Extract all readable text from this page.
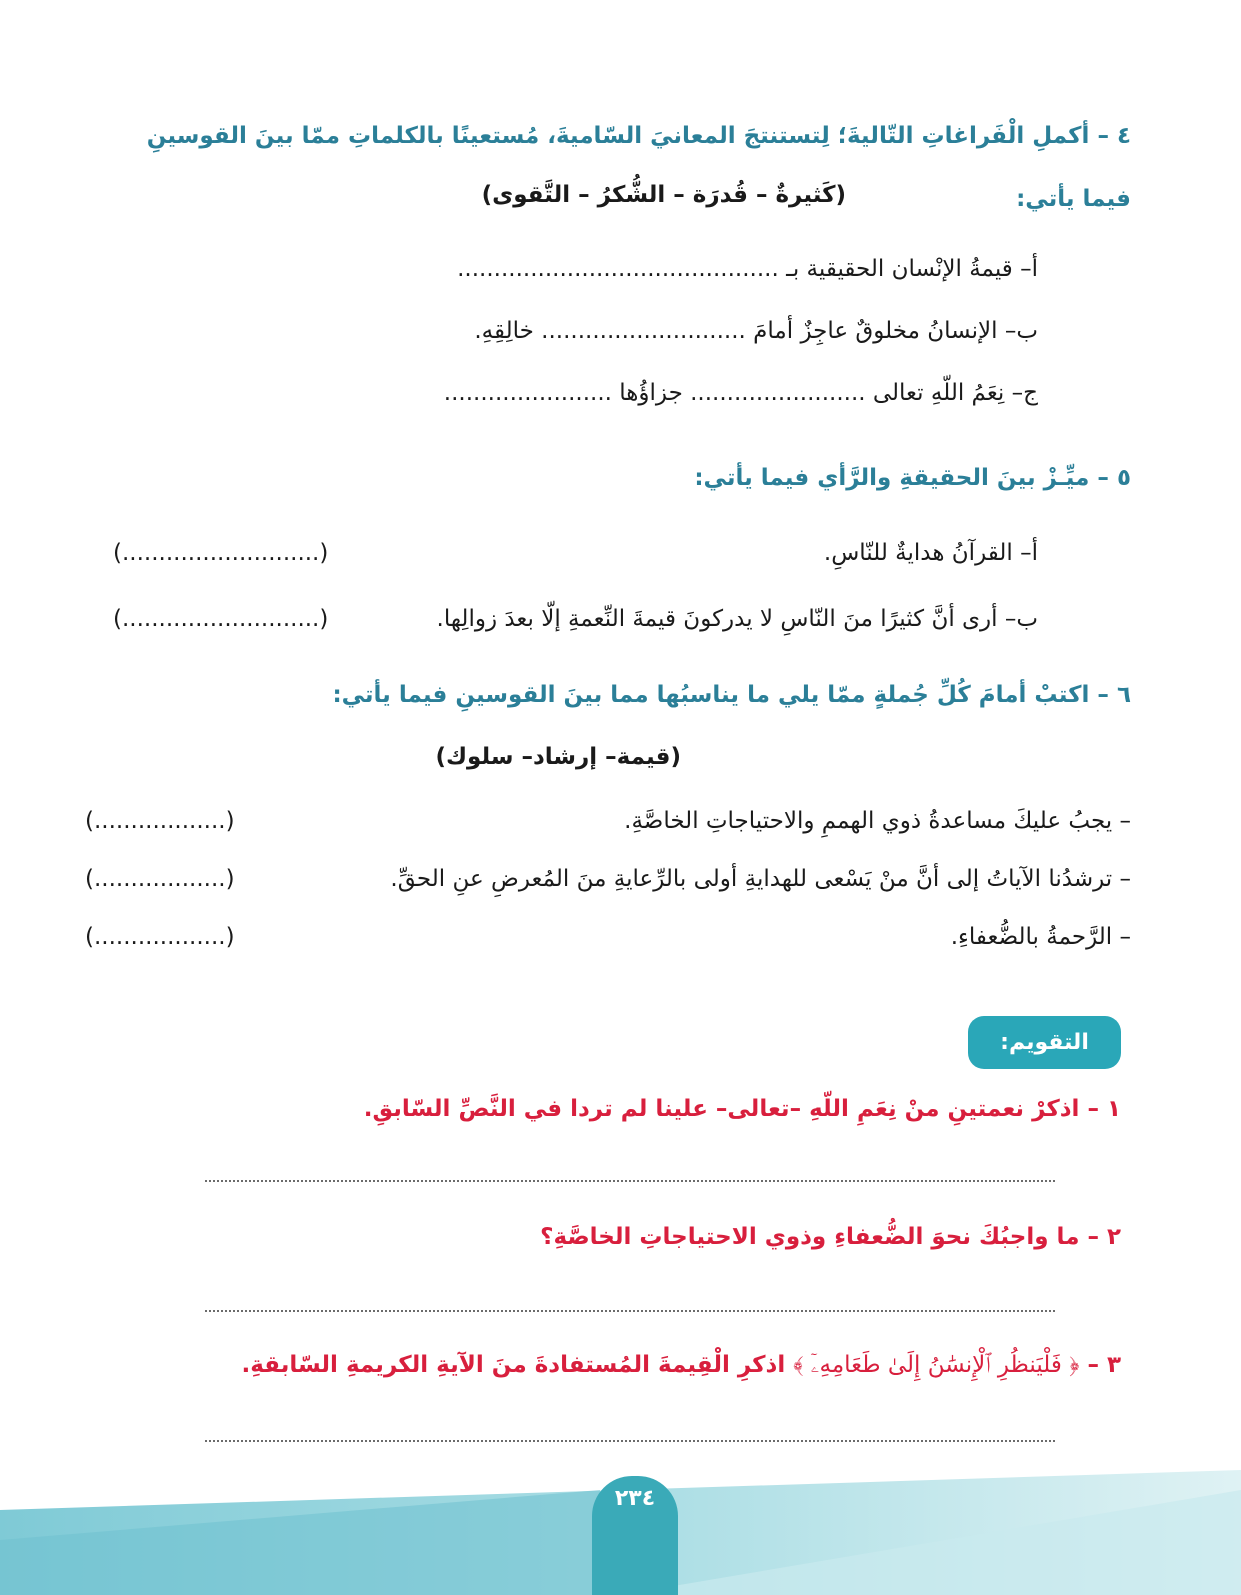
٤ – أكملِ الْفَراغاتِ التّاليةَ؛ لِتستنتجَ المعانيَ السّاميةَ، مُستعينًا بالكلماتِ ممّا بينَ القوسينِ
فيما يأتي:
(كَثيرةٌ – قُدرَة – الشُّكرُ – التَّقوى)
أ– قيمةُ الإنْسان الحقيقية بـ ............................................
ب– الإنسانُ مخلوقٌ عاجِزٌ أمامَ ............................ خالِقِهِ.
ج– نِعَمُ اللّهِ تعالى ........................ جزاؤُها .......................
٥ – ميِّـزْ بينَ الحقيقةِ والرَّأي فيما يأتي:
أ– القرآنُ هدايةٌ للنّاسِ.
(...........................)
ب– أرى أنَّ كثيرًا منَ النّاسِ لا يدركونَ قيمةَ النِّعمةِ إلّا بعدَ زوالِها.
(...........................)
٦ – اكتبْ أمامَ كُلِّ جُملةٍ ممّا يلي ما يناسبُها مما بينَ القوسينِ فيما يأتي:
(قيمة– إرشاد– سلوك)
– يجبُ عليكَ مساعدةُ ذوي الهممِ والاحتياجاتِ الخاصَّةِ.
(..................)
– ترشدُنا الآياتُ إلى أنَّ منْ يَسْعى للهدايةِ أولى بالرِّعايةِ منَ المُعرضِ عنِ الحقِّ.
(..................)
– الرَّحمةُ بالضُّعفاءِ.
(..................)
التقويم:
١ – اذكرْ نعمتينِ منْ نِعَمِ اللّهِ –تعالى– علينا لم تردا في النَّصِّ السّابقِ.
٢ – ما واجبُكَ نحوَ الضُّعفاءِ وذوي الاحتياجاتِ الخاصَّةِ؟
٣ – ﴿ فَلْيَنظُرِ ٱلْإِنسَٰنُ إِلَىٰ طَعَامِهِۦٓ ﴾ اذكرِ الْقِيمةَ المُستفادةَ منَ الآيةِ الكريمةِ السّابقةِ.
٢٣٤
